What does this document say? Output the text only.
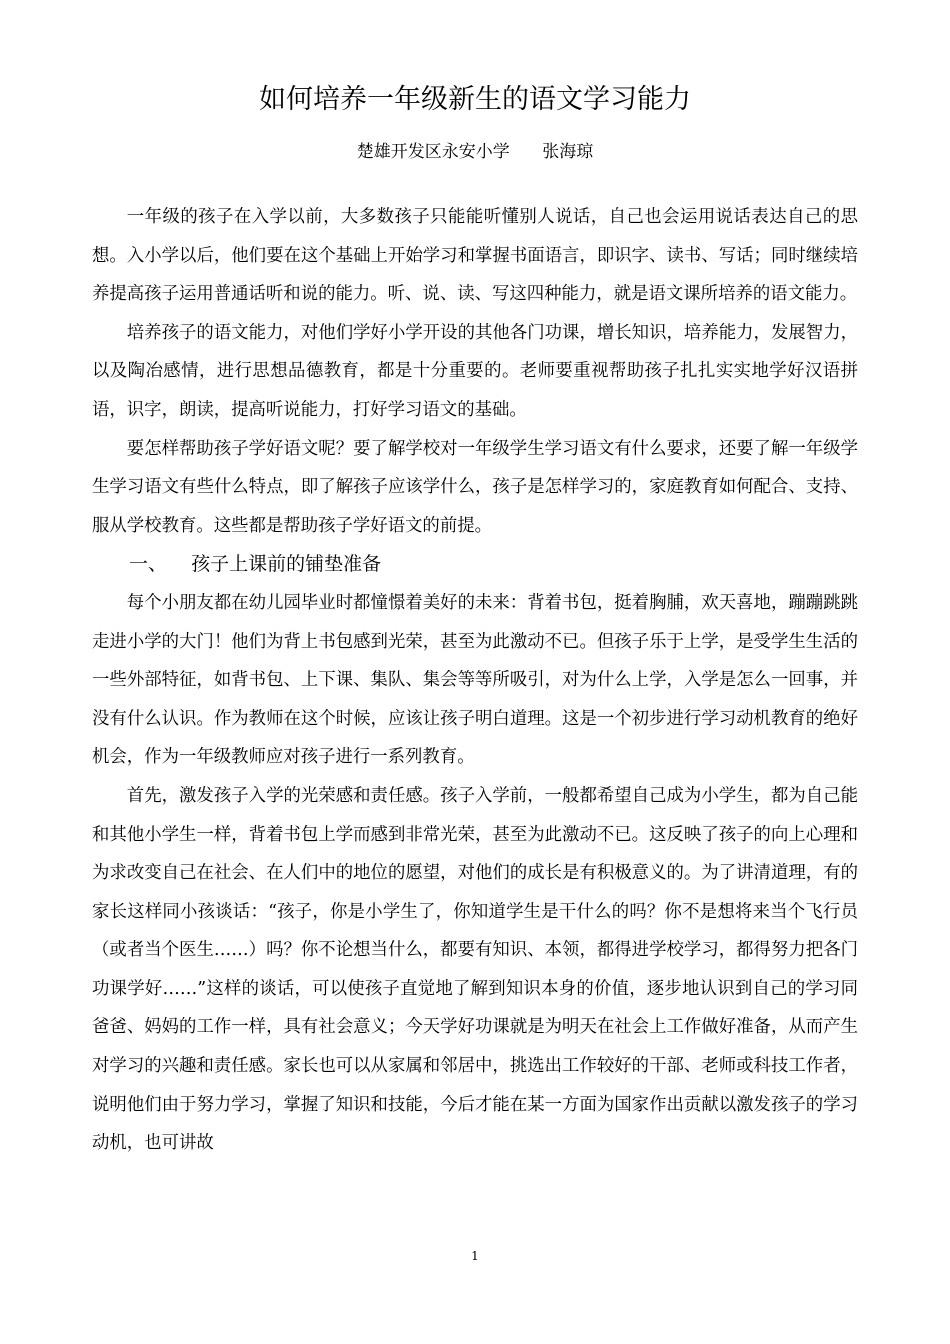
如何培养一年级新生的语文学习能力
楚雄开发区永安小学      张海琼

一年级的孩子在入学以前，大多数孩子只能能听懂别人说话，自己也会运用说话表达自己的思想。入小学以后，他们要在这个基础上开始学习和掌握书面语言，即识字、读书、写话；同时继续培养提高孩子运用普通话听和说的能力。听、说、读、写这四种能力，就是语文课所培养的语文能力。

培养孩子的语文能力，对他们学好小学开设的其他各门功课，增长知识，培养能力，发展智力，以及陶冶感情，进行思想品德教育，都是十分重要的。老师要重视帮助孩子扎扎实实地学好汉语拼语，识字，朗读，提高听说能力，打好学习语文的基础。

要怎样帮助孩子学好语文呢？要了解学校对一年级学生学习语文有什么要求，还要了解一年级学生学习语文有些什么特点，即了解孩子应该学什么，孩子是怎样学习的，家庭教育如何配合、支持、服从学校教育。这些都是帮助孩子学好语文的前提。

一、    孩子上课前的铺垫准备

每个小朋友都在幼儿园毕业时都憧憬着美好的未来：背着书包，挺着胸脯，欢天喜地，蹦蹦跳跳走进小学的大门！他们为背上书包感到光荣，甚至为此激动不已。但孩子乐于上学，是受学生生活的一些外部特征，如背书包、上下课、集队、集会等等所吸引，对为什么上学，入学是怎么一回事，并没有什么认识。作为教师在这个时候，应该让孩子明白道理。这是一个初步进行学习动机教育的绝好机会，作为一年级教师应对孩子进行一系列教育。

首先，激发孩子入学的光荣感和责任感。孩子入学前，一般都希望自己成为小学生，都为自己能和其他小学生一样，背着书包上学而感到非常光荣，甚至为此激动不已。这反映了孩子的向上心理和为求改变自己在社会、在人们中的地位的愿望，对他们的成长是有积极意义的。为了讲清道理，有的家长这样同小孩谈话：“孩子，你是小学生了，你知道学生是干什么的吗？你不是想将来当个飞行员（或者当个医生……）吗？你不论想当什么，都要有知识、本领，都得进学校学习，都得努力把各门功课学好……”这样的谈话，可以使孩子直觉地了解到知识本身的价值，逐步地认识到自己的学习同爸爸、妈妈的工作一样，具有社会意义；今天学好功课就是为明天在社会上工作做好准备，从而产生对学习的兴趣和责任感。家长也可以从家属和邻居中，挑选出工作较好的干部、老师或科技工作者，说明他们由于努力学习，掌握了知识和技能，今后才能在某一方面为国家作出贡献以激发孩子的学习动机，也可讲故

1
